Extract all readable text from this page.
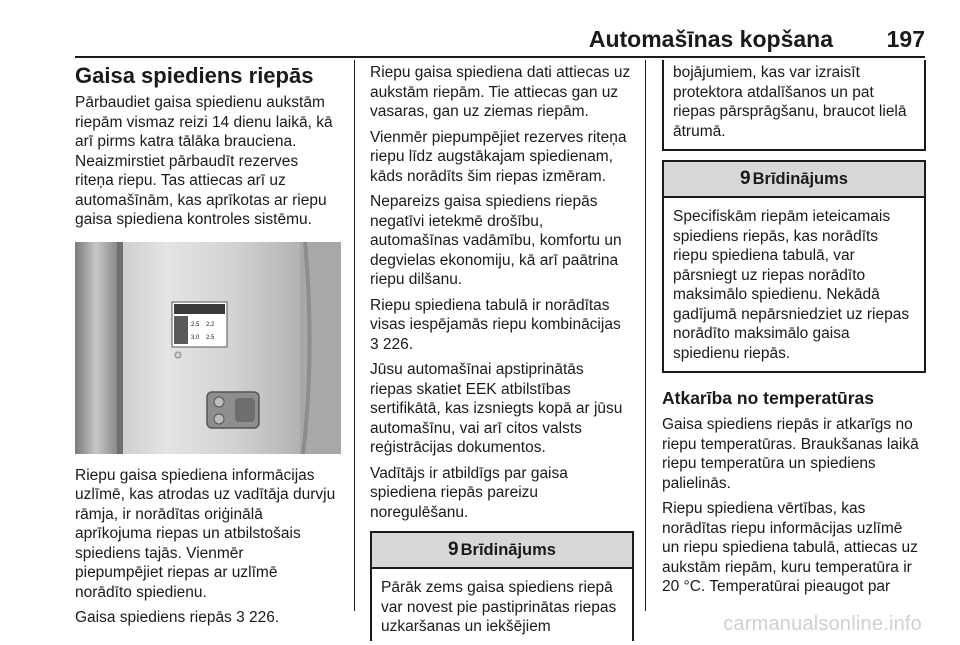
Automašīnas kopšana 197
Gaisa spiediens riepās
Pārbaudiet gaisa spiedienu aukstām
riepām vismaz reizi 14 dienu laikā, kā
arī pirms katra tālāka brauciena.
Neaizmirstiet pārbaudīt rezerves
riteņa riepu. Tas attiecas arī uz
automašīnām, kas aprīkotas ar riepu
gaisa spiediena kontroles sistēmu.
2.5 2.2
3.0 2.5
Riepu gaisa spiediena informācijas
uzlīmē, kas atrodas uz vadītāja durvju
rāmja, ir norādītas oriģinālā
aprīkojuma riepas un atbilstošais
spiediens tajās. Vienmēr
piepumpējiet riepas ar uzlīmē
norādīto spiedienu.
Gaisa spiediens riepās 3 226.
Riepu gaisa spiediena dati attiecas uz
aukstām riepām. Tie attiecas gan uz
vasaras, gan uz ziemas riepām.
Vienmēr piepumpējiet rezerves riteņa
riepu līdz augstākajam spiedienam,
kāds norādīts šim riepas izmēram.
Nepareizs gaisa spiediens riepās
negatīvi ietekmē drošību,
automašīnas vadāmību, komfortu un
degvielas ekonomiju, kā arī paātrina
riepu dilšanu.
Riepu spiediena tabulā ir norādītas
visas iespējamās riepu kombinācijas
3 226.
Jūsu automašīnai apstiprinātās
riepas skatiet EEK atbilstības
sertifikātā, kas izsniegts kopā ar jūsu
automašīnu, vai arī citos valsts
reģistrācijas dokumentos.
Vadītājs ir atbildīgs par gaisa
spiediena riepās pareizu
noregulēšanu.
9 Brīdinājums
Pārāk zems gaisa spiediens riepā
var novest pie pastiprinātas riepas
uzkaršanas un iekšējiem
bojājumiem, kas var izraisīt
protektora atdalīšanos un pat
riepas pārsprāgšanu, braucot lielā
ātrumā.
9 Brīdinājums
Specifiskām riepām ieteicamais
spiediens riepās, kas norādīts
riepu spiediena tabulā, var
pārsniegt uz riepas norādīto
maksimālo spiedienu. Nekādā
gadījumā nepārsniedziet uz riepas
norādīto maksimālo gaisa
spiedienu riepās.
Atkarība no temperatūras
Gaisa spiediens riepās ir atkarīgs no
riepu temperatūras. Braukšanas laikā
riepu temperatūra un spiediens
palielinās.
Riepu spiediena vērtības, kas
norādītas riepu informācijas uzlīmē
un riepu spiediena tabulā, attiecas uz
aukstām riepām, kuru temperatūra ir
20 °C. Temperatūrai pieaugot par
carmanualsonline.info
